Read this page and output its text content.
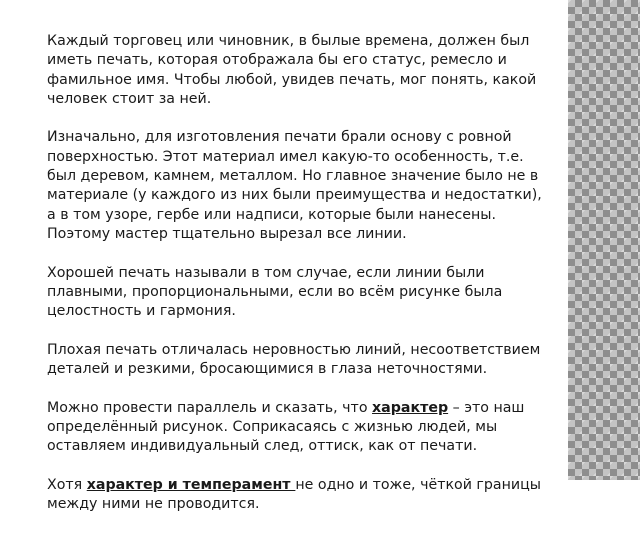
Каждый торговец или чиновник, в былые времена, должен был иметь печать, которая отображала бы его статус, ремесло и фамильное имя. Чтобы любой, увидев печать, мог понять, какой человек стоит за ней.

Изначально, для изготовления печати брали основу с ровной поверхностью. Этот материал имел какую-то особенность, т.е. был деревом, камнем, металлом. Но главное значение было не в материале (у каждого из них были преимущества и недостатки), а в том узоре, гербе или надписи, которые были нанесены. Поэтому мастер тщательно вырезал все линии.

Хорошей печать называли в том случае, если линии были плавными, пропорциональными, если во всём рисунке была целостность и гармония.

Плохая печать отличалась неровностью линий, несоответствием деталей и резкими, бросающимися в глаза неточностями.

Можно провести параллель и сказать, что характер – это наш определённый рисунок. Соприкасаясь с жизнью людей, мы оставляем индивидуальный след, оттиск, как от печати.

Хотя характер и темперамент не одно и тоже, чёткой границы между ними не проводится.
